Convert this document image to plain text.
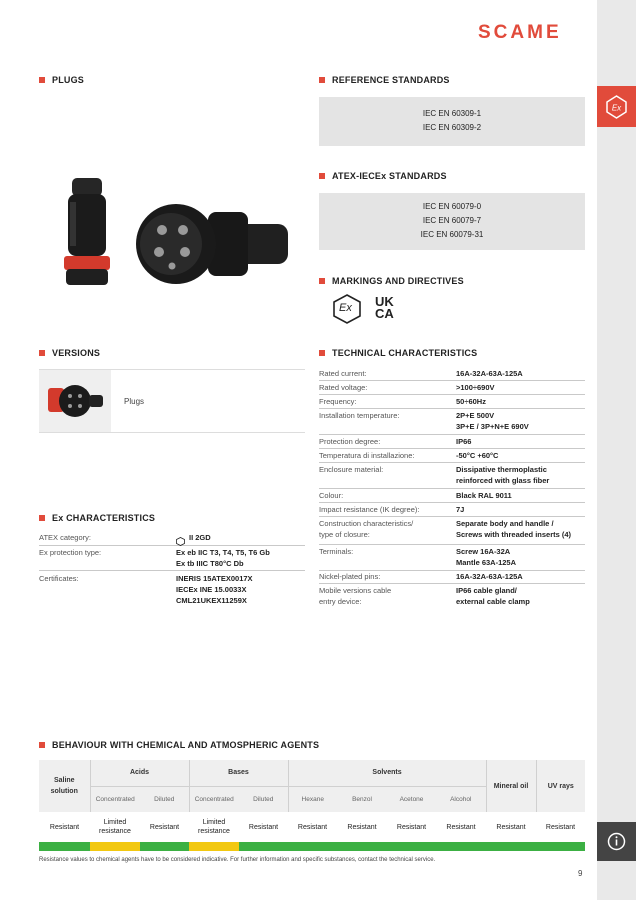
Ex
SCAME
PLUGS	REFERENCE STANDARDS
IEC EN 60309-1
IEC EN 60309-2
ATEX-IECEx STANDARDS
IEC EN 60079-0
IEC EN 60079-7
IEC EN 60079-31
MARKINGS AND DIRECTIVES
Ex UK
CA
VERSIONS
Plugs
TECHNICAL CHARACTERISTICS
Rated current:	16A-32A-63A-125A
Rated voltage:	>100÷690V
Frequency:	50÷60Hz
Installation temperature:	2P+E 500V
3P+E / 3P+N+E 690V
Protection degree:	IP66
Temperatura di installazione:	-50°C +60°C
Enclosure material:	Dissipative thermoplastic
reinforced with glass fiber
Colour:	Black RAL 9011
Impact resistance (IK degree):	7J
Construction characteristics/
type of closure:
Separate body and handle /
Screws with threaded inserts (4)
Terminals:	Screw 16A-32A
Mantle 63A-125A
Nickel-plated pins:	16A-32A-63A-125A
Mobile versions cable
entry device:
IP66 cable gland/
external cable clamp
Ex CHARACTERISTICS
ATEX category:	II 2GD
Ex protection type:	Ex eb IIC T3, T4, T5, T6 Gb
Ex tb IIIC T80°C Db
Certificates:	INERIS 15ATEX0017X
IECEx INE 15.0033X
CML21UKEX11259X
BEHAVIOUR WITH CHEMICAL AND ATMOSPHERIC AGENTS
Saline solution	Acids		Bases		Solvents				Mineral oil	UV rays
	Concentrated	Diluted	Concentrated	Diluted	Hexane	Benzol	Acetone	Alcohol		
Resistant	Limited resistance	Resistant	Limited resistance	Resistant	Resistant	Resistant	Resistant	Resistant	Resistant	Resistant

Resistance values to chemical agents have to be considered indicative. For further information and specific substances, contact the technical service.
9
